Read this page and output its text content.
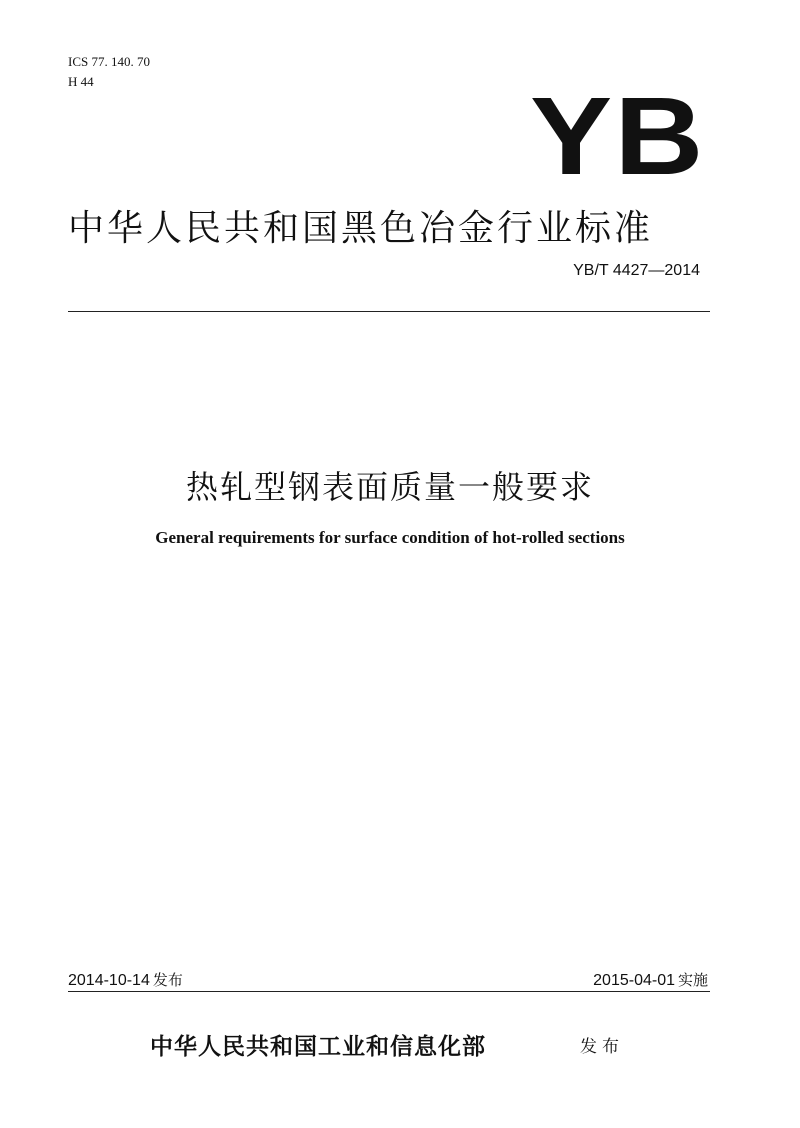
ICS 77. 140. 70
H 44	YB
中华人民共和国黑色冶金行业标准
YB/T 4427—2014
热轧型钢表面质量一般要求
General requirements for surface condition of hot-rolled sections
2014-10-14 发布	2015-04-01 实施
中华人民共和国工业和信息化部	发布
